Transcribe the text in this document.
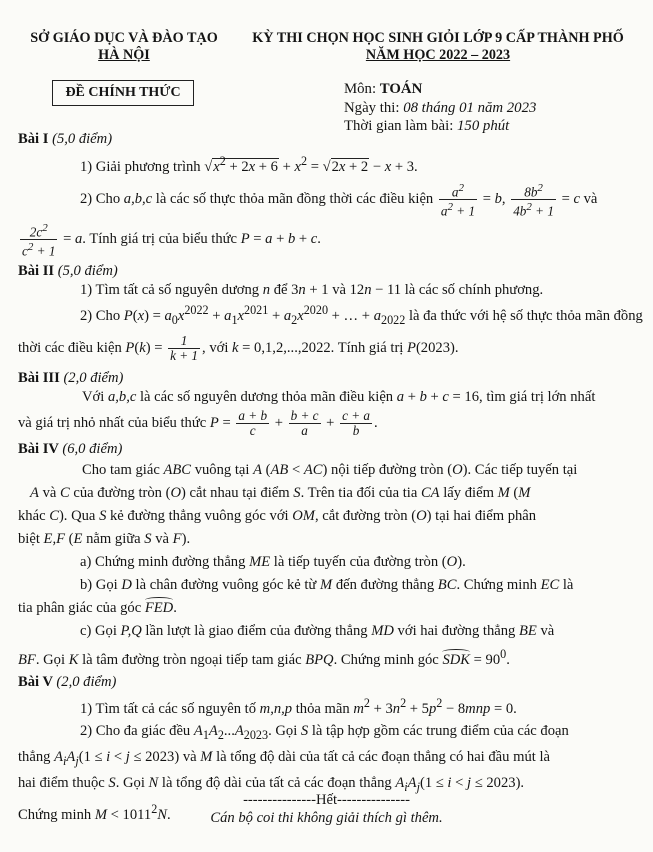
SỞ GIÁO DỤC VÀ ĐÀO TẠO
HÀ NỘI
KỲ THI CHỌN HỌC SINH GIỎI LỚP 9 CẤP THÀNH PHỐ
NĂM HỌC 2022 – 2023
ĐỀ CHÍNH THỨC	Môn: TOÁN
Ngày thi: 08 tháng 01 năm 2023
Thời gian làm bài: 150 phút
Bài I (5,0 điểm)
1) Giải phương trình $√x^2 + 2x + 6 + x^2 = √2x + 2 - x + 3$.
2) Cho a,b,c là các số thực thỏa mãn đồng thời các điều kiện $\frac{a^2}{a^2 + 1} = b$, $\frac{8b^2}{4b^2 + 1} = c$ và
$\frac{2c^2}{c^2 + 1} = a$. Tính giá trị của biểu thức P = a + b + c.
Bài II (5,0 điểm)
1) Tìm tất cả số nguyên dương n để 3n + 1 và 12n − 11 là các số chính phương.
2) Cho $P(x) = a_0x^{2022} + a_1x^{2021} + a_2x^{2020}$ + … + $a_{2022}$ là đa thức với hệ số thực thỏa mãn đồng
thời các điều kiện $P(k) = \frac{1}{k + 1}$ , với k = 0,1,2,...,2022. Tính giá trị P(2023).
Bài III (2,0 điểm)
Với a,b,c là các số nguyên dương thỏa mãn điều kiện a + b + c = 16, tìm giá trị lớn nhất
và giá trị nhỏ nhất của biểu thức $P = \frac{a + b}{c} + \frac{b + c}{a} + \frac{c + a}{b}$ .
Bài IV (6,0 điểm)
Cho tam giác ABC vuông tại A (AB < AC) nội tiếp đường tròn (O). Các tiếp tuyến tại
A và C của đường tròn (O) cắt nhau tại điểm S. Trên tia đối của tia CA lấy điểm M (M
khác C). Qua S kẻ đường thẳng vuông góc với OM, cắt đường tròn (O) tại hai điểm phân
biệt E,F (E nằm giữa S và F).
a) Chứng minh đường thẳng ME là tiếp tuyến của đường tròn (O).
b) Gọi D là chân đường vuông góc kẻ từ M đến đường thẳng BC. Chứng minh EC là
tia phân giác của góc FED.
c) Gọi P,Q lần lượt là giao điểm của đường thẳng MD với hai đường thẳng BE và
BF. Gọi K là tâm đường tròn ngoại tiếp tam giác BPQ. Chứng minh góc SDK = $90^0$.
Bài V (2,0 điểm)
1) Tìm tất cả các số nguyên tố m,n,p thỏa mãn $m^2 + 3n^2 + 5p^2 - 8mnp = 0$.
2) Cho đa giác đều $A_1A_2...A_{2023}$. Gọi S là tập hợp gồm các trung điểm của các đoạn
thẳng $A_iA_j(1 \le i < j \le 2023)$ và M là tổng độ dài của tất cả các đoạn thẳng có hai đầu mút là
hai điểm thuộc S. Gọi N là tổng độ dài của tất cả các đoạn thẳng $A_iA_j(1 \le i < j \le 2023)$.
Chứng minh $M < 1011^2N$.
---------------Hết---------------
Cán bộ coi thi không giải thích gì thêm.
